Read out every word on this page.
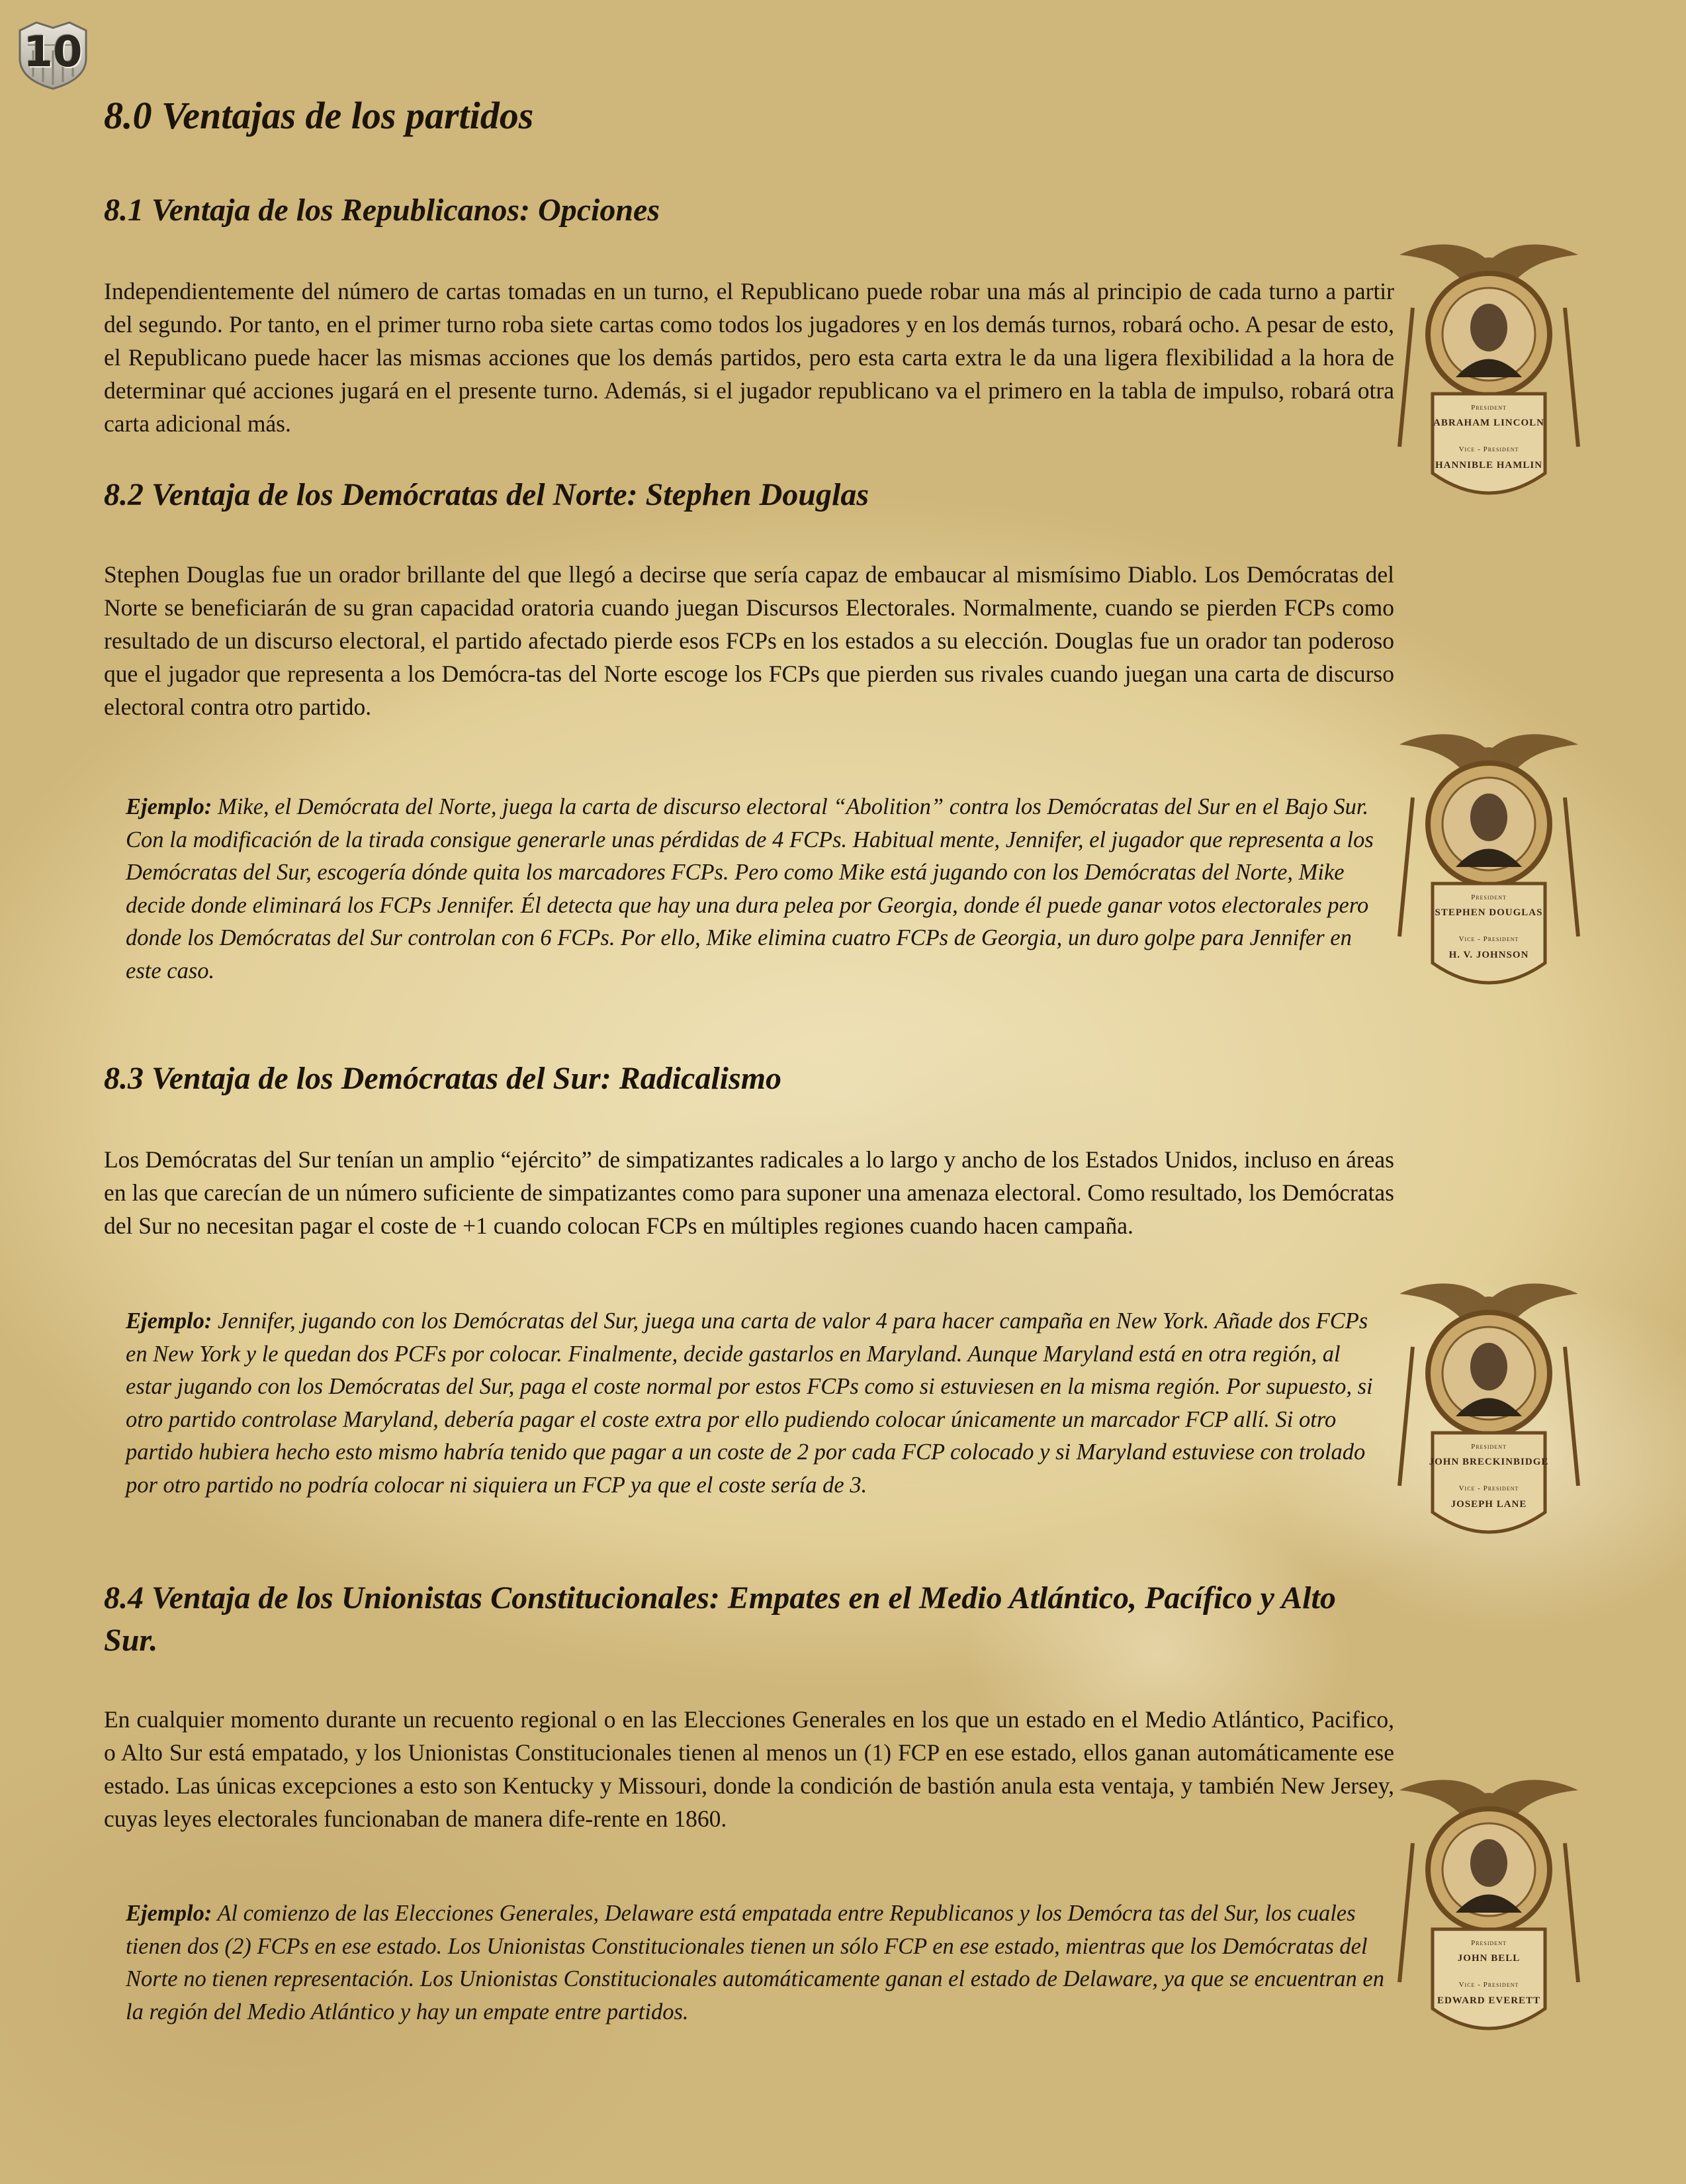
10
8.0 Ventajas de los partidos
8.1 Ventaja de los Republicanos: Opciones

Independientemente del número de cartas tomadas en un turno, el Republicano puede robar una más al principio de cada turno a partir del segundo. Por tanto, en el primer turno roba siete cartas como todos los jugadores y en los demás turnos, robará ocho. A pesar de esto, el Republicano puede hacer las mismas acciones que los demás partidos, pero esta carta extra le da una ligera flexibilidad a la hora de determinar qué acciones jugará en el presente turno. Además, si el jugador republicano va el primero en la tabla de impulso, robará otra carta adicional más.

8.2 Ventaja de los Demócratas del Norte: Stephen Douglas

Stephen Douglas fue un orador brillante del que llegó a decirse que sería capaz de embaucar al mismísimo Diablo. Los Demócratas del Norte se beneficiarán de su gran capacidad oratoria cuando juegan Discursos Electorales. Normalmente, cuando se pierden FCPs como resultado de un discurso electoral, el partido afectado pierde esos FCPs en los estados a su elección. Douglas fue un orador tan poderoso que el jugador que representa a los Demócra-tas del Norte escoge los FCPs que pierden sus rivales cuando juegan una carta de discurso electoral contra otro partido.

Ejemplo: Mike, el Demócrata del Norte, juega la carta de discurso electoral “Abolition” contra los Demócratas del Sur en el Bajo Sur. Con la modificación de la tirada consigue generarle unas pérdidas de 4 FCPs. Habitual mente, Jennifer, el jugador que representa a los Demócratas del Sur, escogería dónde quita los marcadores FCPs. Pero como Mike está jugando con los Demócratas del Norte, Mike decide donde eliminará los FCPs Jennifer. Él detecta que hay una dura pelea por Georgia, donde él puede ganar votos electorales pero donde los Demócratas del Sur controlan con 6 FCPs. Por ello, Mike elimina cuatro FCPs de Georgia, un duro golpe para Jennifer en este caso.

8.3 Ventaja de los Demócratas del Sur: Radicalismo

Los Demócratas del Sur tenían un amplio “ejército” de simpatizantes radicales a lo largo y ancho de los Estados Unidos, incluso en áreas en las que carecían de un número suficiente de simpatizantes como para suponer una amenaza electoral. Como resultado, los Demócratas del Sur no necesitan pagar el coste de +1 cuando colocan FCPs en múltiples regiones cuando hacen campaña.

Ejemplo: Jennifer, jugando con los Demócratas del Sur, juega una carta de valor 4 para hacer campaña en New York. Añade dos FCPs en New York y le quedan dos PCFs por colocar. Finalmente, decide gastarlos en Maryland. Aunque Maryland está en otra región, al estar jugando con los Demócratas del Sur, paga el coste normal por estos FCPs como si estuviesen en la misma región. Por supuesto, si otro partido controlase Maryland, debería pagar el coste extra por ello pudiendo colocar únicamente un marcador FCP allí. Si otro partido hubiera hecho esto mismo habría tenido que pagar a un coste de 2 por cada FCP colocado y si Maryland estuviese con trolado por otro partido no podría colocar ni siquiera un FCP ya que el coste sería de 3.

8.4 Ventaja de los Unionistas Constitucionales: Empates en el Medio Atlántico, Pacífico y Alto Sur.

En cualquier momento durante un recuento regional o en las Elecciones Generales en los que un estado en el Medio Atlántico, Pacifico, o Alto Sur está empatado, y los Unionistas Constitucionales tienen al menos un (1) FCP en ese estado, ellos ganan automáticamente ese estado. Las únicas excepciones a esto son Kentucky y Missouri, donde la condición de bastión anula esta ventaja, y también New Jersey, cuyas leyes electorales funcionaban de manera dife-rente en 1860.

Ejemplo: Al comienzo de las Elecciones Generales, Delaware está empatada entre Republicanos y los Demócra tas del Sur, los cuales tienen dos (2) FCPs en ese estado. Los Unionistas Constitucionales tienen un sólo FCP en ese estado, mientras que los Demócratas del Norte no tienen representación. Los Unionistas Constitucionales automáticamente ganan el estado de Delaware, ya que se encuentran en la región del Medio Atlántico y hay un empate entre partidos.

President
ABRAHAM LINCOLN
Vice - President
HANNIBLE HAMLIN
President
STEPHEN DOUGLAS
Vice - President
H. V. JOHNSON
President
JOHN BRECKINBIDGE
Vice - President
JOSEPH LANE
President
JOHN BELL
Vice - President
EDWARD EVERETT
